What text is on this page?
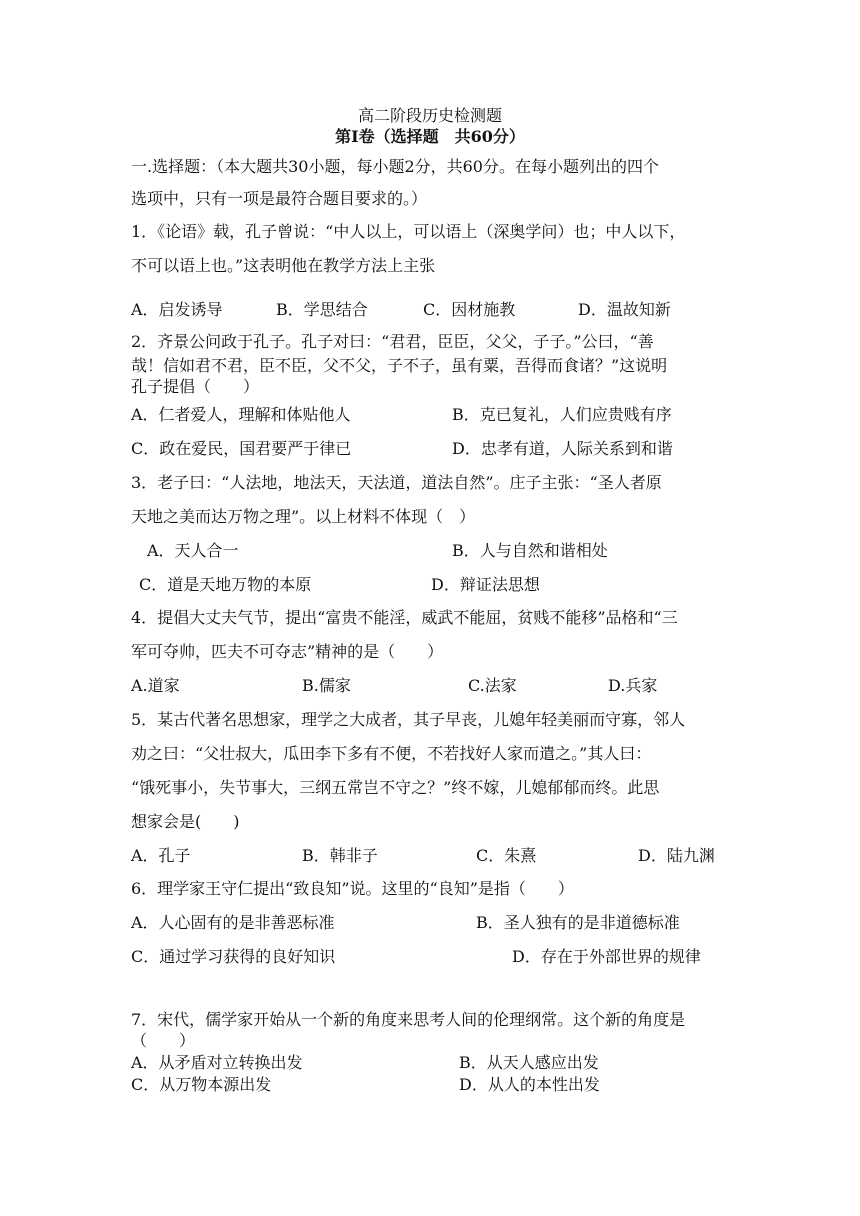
高二阶段历史检测题
第Ⅰ卷（选择题　共60分）
一.选择题：（本大题共30小题，每小题2分，共60分。在每小题列出的四个
选项中，只有一项是最符合题目要求的。）
1．《论语》载，孔子曾说：“中人以上，可以语上（深奥学问）也；中人以下，
不可以语上也。”这表明他在教学方法上主张
A．启发诱导	B．学思结合	C．因材施教	D．温故知新
2．齐景公问政于孔子。孔子对曰：“君君，臣臣，父父，子子。”公曰，“善
哉！信如君不君，臣不臣，父不父，子不子，虽有粟，吾得而食诸？”这说明
孔子提倡（　　）
A．仁者爱人，理解和体贴他人	B．克已复礼，人们应贵贱有序
C．政在爱民，国君要严于律已	D．忠孝有道，人际关系到和谐
3．老子曰：“人法地，地法天，天法道，道法自然”。庄子主张：“圣人者原
天地之美而达万物之理”。以上材料不体现（　）
A．天人合一	B．人与自然和谐相处
C．道是天地万物的本原	D．辩证法思想
4．提倡大丈夫气节，提出“富贵不能淫，威武不能屈，贫贱不能移”品格和“三
军可夺帅，匹夫不可夺志”精神的是（　　）
A.道家	B.儒家	C.法家	D.兵家
5．某古代著名思想家，理学之大成者，其子早丧，儿媳年轻美丽而守寡，邻人
劝之曰：“父壮叔大，瓜田李下多有不便，不若找好人家而遣之。”其人曰：
“饿死事小，失节事大，三纲五常岂不守之？”终不嫁，儿媳郁郁而终。此思
想家会是(　　)
A．孔子	B．韩非子	C．朱熹	D．陆九渊
6．理学家王守仁提出“致良知”说。这里的“良知”是指（　　）
A．人心固有的是非善恶标准	B．圣人独有的是非道德标准
C．通过学习获得的良好知识	D．存在于外部世界的规律
7．宋代，儒学家开始从一个新的角度来思考人间的伦理纲常。这个新的角度是
（　　）
A．从矛盾对立转换出发	B．从天人感应出发
C．从万物本源出发	D．从人的本性出发
